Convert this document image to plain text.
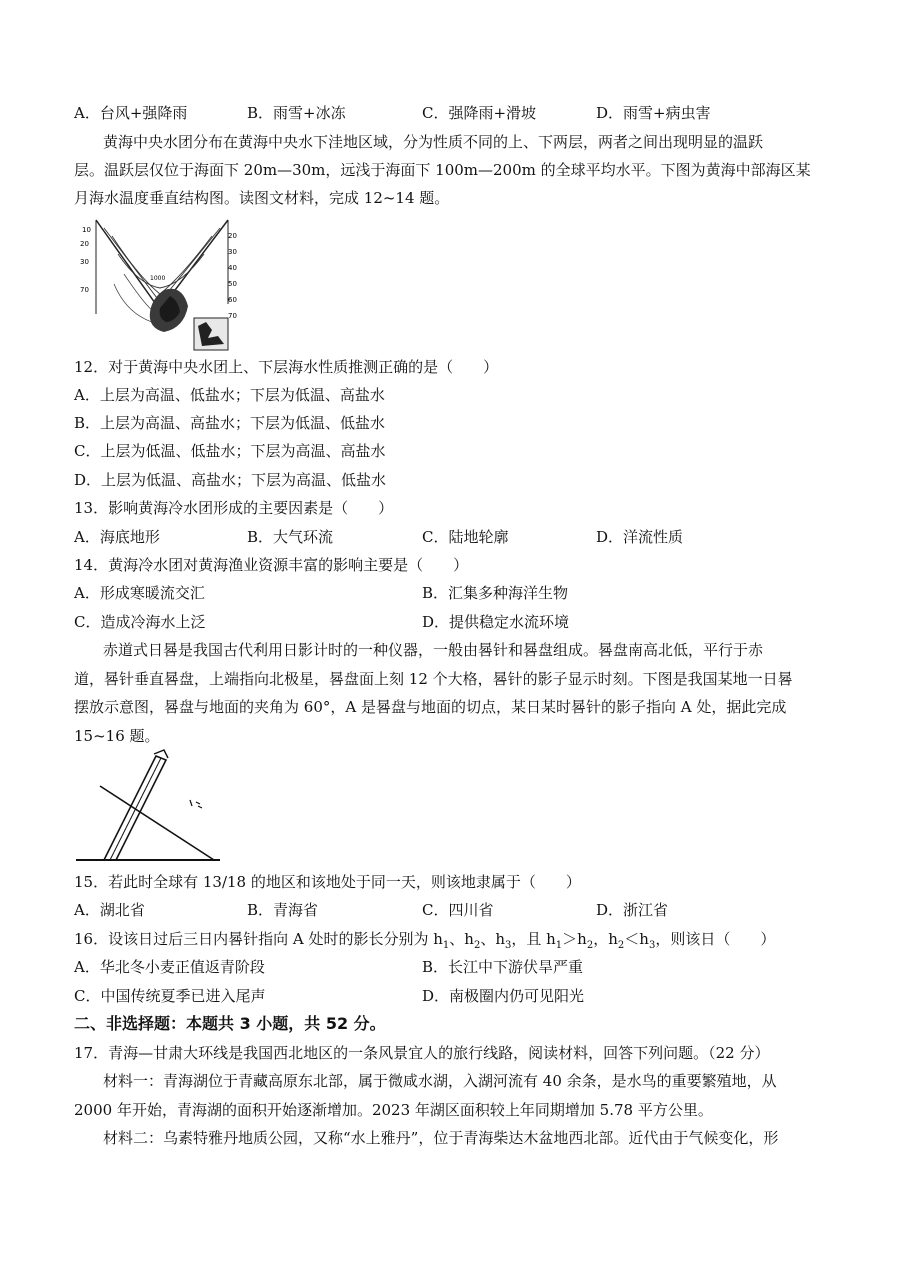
A．台风+强降雨	B．雨雪+冰冻	C．强降雨+滑坡	D．雨雪+病虫害
黄海中央水团分布在黄海中央水下洼地区域，分为性质不同的上、下两层，两者之间出现明显的温跃
层。温跃层仅位于海面下 20m—30m，远浅于海面下 100m—200m 的全球平均水平。下图为黄海中部海区某
月海水温度垂直结构图。读图文材料，完成 12~14 题。
10
20
30
40
50
60
70
20
30
70
1000
12．对于黄海中央水团上、下层海水性质推测正确的是（　　）
A．上层为高温、低盐水；下层为低温、高盐水
B．上层为高温、高盐水；下层为低温、低盐水
C．上层为低温、低盐水；下层为高温、高盐水
D．上层为低温、高盐水；下层为高温、低盐水
13．影响黄海冷水团形成的主要因素是（　　）
A．海底地形	B．大气环流	C．陆地轮廓	D．洋流性质
14．黄海冷水团对黄海渔业资源丰富的影响主要是（　　）
A．形成寒暖流交汇	B．汇集多种海洋生物
C．造成冷海水上泛	D．提供稳定水流环境
赤道式日晷是我国古代利用日影计时的一种仪器，一般由晷针和晷盘组成。晷盘南高北低，平行于赤
道，晷针垂直晷盘，上端指向北极星，晷盘面上刻 12 个大格，晷针的影子显示时刻。下图是我国某地一日晷
摆放示意图，晷盘与地面的夹角为 60°，A 是晷盘与地面的切点，某日某时晷针的影子指向 A 处，据此完成
15~16 题。
15．若此时全球有 13/18 的地区和该地处于同一天，则该地隶属于（　　）
A．湖北省	B．青海省	C．四川省	D．浙江省
16．设该日过后三日内晷针指向 A 处时的影长分别为 $h_1$、$h_2$、$h_3$，且 $h_1>h_2$，$h_2<h_3$，则该日（　　）
A．华北冬小麦正值返青阶段	B．长江中下游伏旱严重
C．中国传统夏季已进入尾声	D．南极圈内仍可见阳光
二、非选择题：本题共 3 小题，共 52 分。
17．青海—甘肃大环线是我国西北地区的一条风景宜人的旅行线路，阅读材料，回答下列问题。（22 分）
材料一：青海湖位于青藏高原东北部，属于微咸水湖，入湖河流有 40 余条，是水鸟的重要繁殖地，从
2000 年开始，青海湖的面积开始逐渐增加。2023 年湖区面积较上年同期增加 5.78 平方公里。
材料二：乌素特雅丹地质公园，又称“水上雅丹”，位于青海柴达木盆地西北部。近代由于气候变化，形
